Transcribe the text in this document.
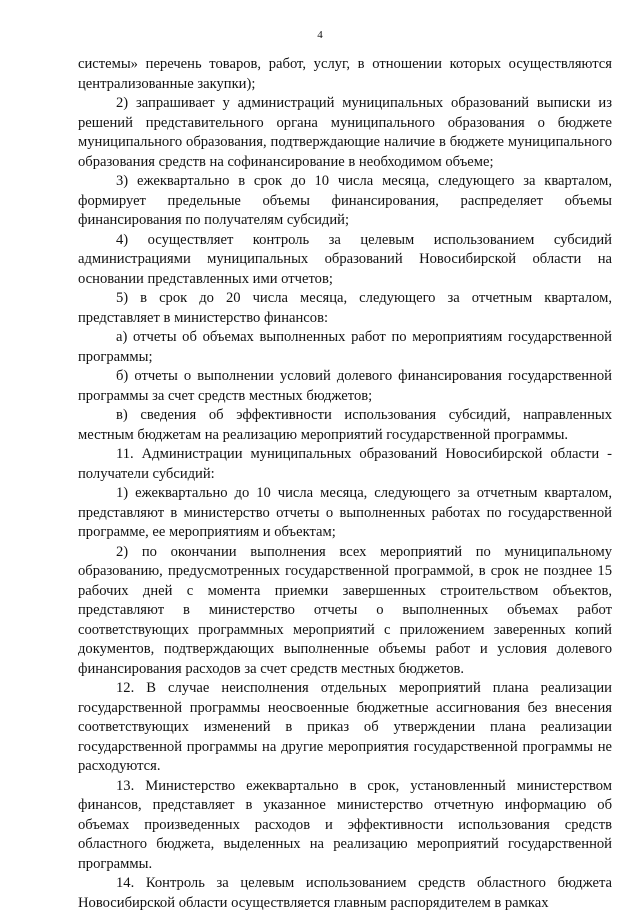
4

системы» перечень товаров, работ, услуг, в отношении которых осуществляются централизованные закупки);

2) запрашивает у администраций муниципальных образований выписки из решений представительного органа муниципального образования о бюджете муниципального образования, подтверждающие наличие в бюджете муниципального образования средств на софинансирование в необходимом объеме;

3) ежеквартально в срок до 10 числа месяца, следующего за кварталом, формирует предельные объемы финансирования, распределяет объемы финансирования по получателям субсидий;

4) осуществляет контроль за целевым использованием субсидий администрациями муниципальных образований Новосибирской области на основании представленных ими отчетов;

5) в срок до 20 числа месяца, следующего за отчетным кварталом, представляет в министерство финансов:

а) отчеты об объемах выполненных работ по мероприятиям государственной программы;

б) отчеты о выполнении условий долевого финансирования государственной программы за счет средств местных бюджетов;

в) сведения об эффективности использования субсидий, направленных местным бюджетам на реализацию мероприятий государственной программы.

11. Администрации муниципальных образований Новосибирской области - получатели субсидий:

1) ежеквартально до 10 числа месяца, следующего за отчетным кварталом, представляют в министерство отчеты о выполненных работах по государственной программе, ее мероприятиям и объектам;

2) по окончании выполнения всех мероприятий по муниципальному образованию, предусмотренных государственной программой, в срок не позднее 15 рабочих дней с момента приемки завершенных строительством объектов, представляют в министерство отчеты о выполненных объемах работ соответствующих программных мероприятий с приложением заверенных копий документов, подтверждающих выполненные объемы работ и условия долевого финансирования расходов за счет средств местных бюджетов.

12. В случае неисполнения отдельных мероприятий плана реализации государственной программы неосвоенные бюджетные ассигнования без внесения соответствующих изменений в приказ об утверждении плана реализации государственной программы на другие мероприятия государственной программы не расходуются.

13. Министерство ежеквартально в срок, установленный министерством финансов, представляет в указанное министерство отчетную информацию об объемах произведенных расходов и эффективности использования средств областного бюджета, выделенных на реализацию мероприятий государственной программы.

14. Контроль за целевым использованием средств областного бюджета Новосибирской области осуществляется главным распорядителем в рамках
